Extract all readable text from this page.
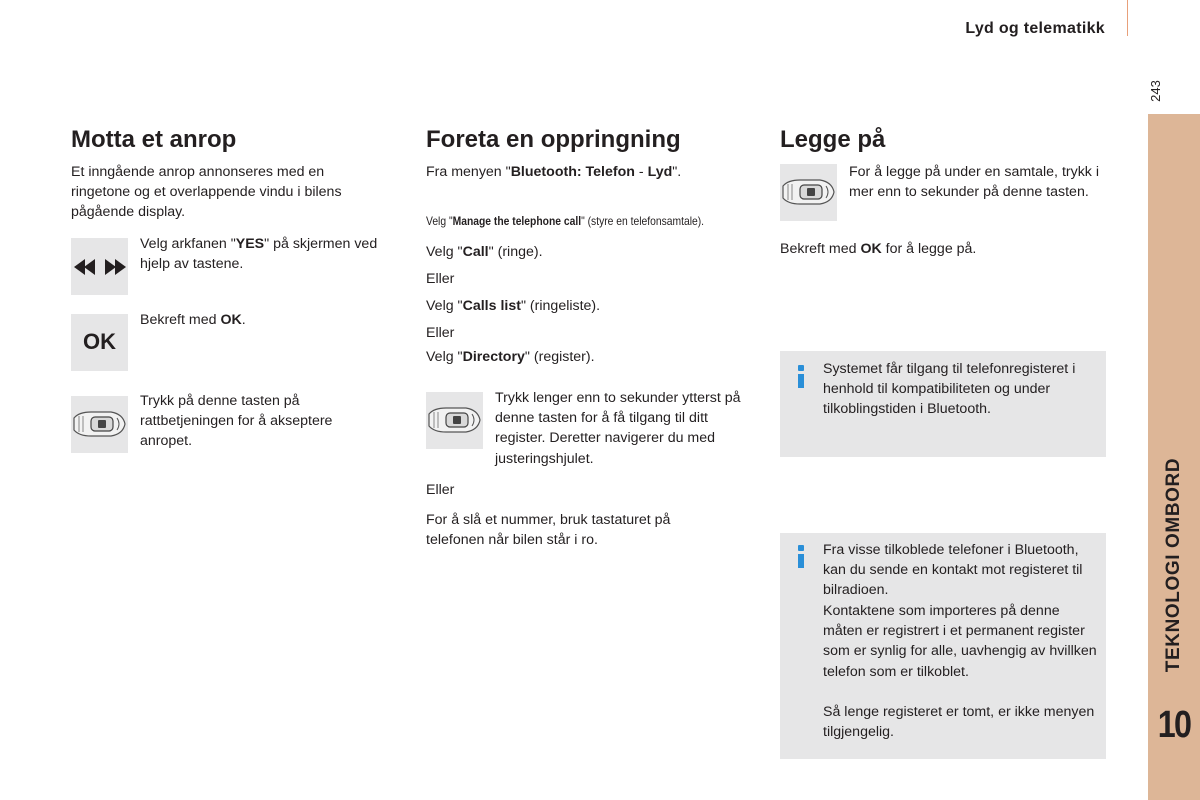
Lyd og telematikk
243
TEKNOLOGI OMBORD
10
Motta et anrop

Et inngående anrop annonseres med en ringetone og et overlappende vindu i bilens pågående display.

Velg arkfanen "YES" på skjermen ved hjelp av tastene.

OK

Bekreft med OK.

Trykk på denne tasten på rattbetjeningen for å akseptere anropet.

Foreta en oppringning

Fra menyen "Bluetooth: Telefon - Lyd".

Velg "Manage the telephone call" (styre en telefonsamtale).

Velg "Call" (ringe).

Eller

Velg "Calls list" (ringeliste).

Eller

Velg "Directory" (register).

Trykk lenger enn to sekunder ytterst på denne tasten for å få tilgang til ditt register. Deretter navigerer du med justeringshjulet.

Eller

For å slå et nummer, bruk tastaturet på telefonen når bilen står i ro.

Legge på

For å legge på under en samtale, trykk i mer enn to sekunder på denne tasten.

Bekreft med OK for å legge på.

Systemet får tilgang til telefonregisteret i henhold til kompatibiliteten og under tilkoblingstiden i Bluetooth.

Fra visse tilkoblede telefoner i Bluetooth, kan du sende en kontakt mot registeret til bilradioen.

Kontaktene som importeres på denne måten er registrert i et permanent register som er synlig for alle, uavhengig av hvillken telefon som er tilkoblet.

Så lenge registeret er tomt, er ikke menyen tilgjengelig.
